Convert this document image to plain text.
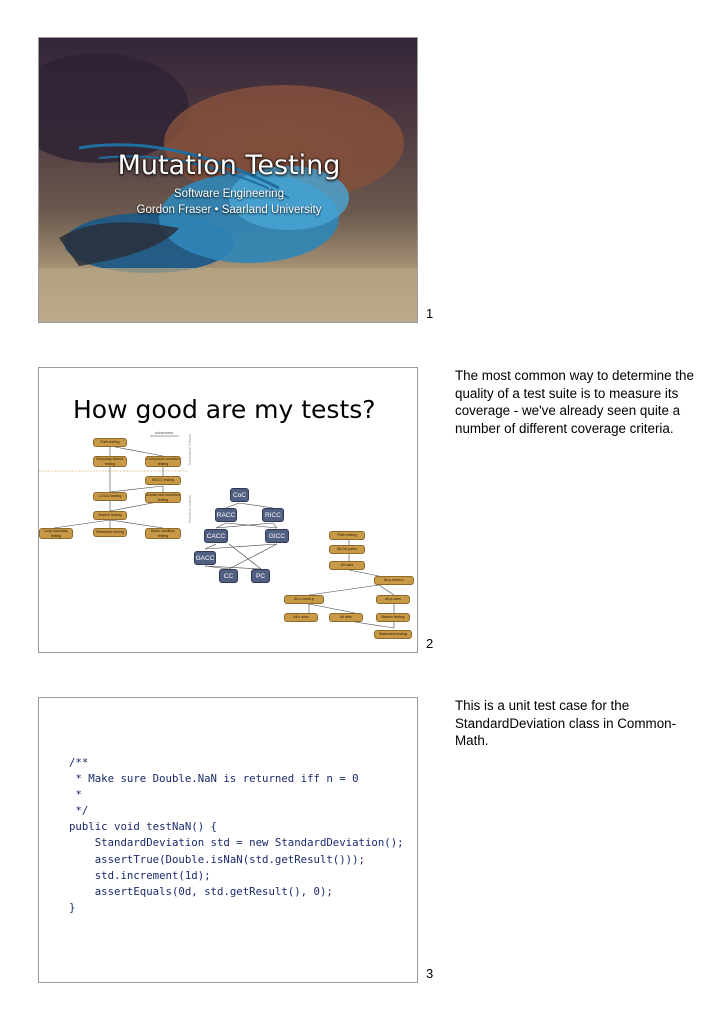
Mutation Testing
Software Engineering
Gordon Fraser • Saarland University
1
How good are my tests?
subsumes
Theoretical Criteria
Practical Criteria
Path testing
Boundary interior testing
Compound condition testing
MCDC testing
LCSAJ testing	Branch and condition testing
Branch testing
Loop boundary testing
Statement testing	Basic condition testing
CoC
RACC	RICC
CACC	GICC
GACC
CC	PC
Path testing
All-DU paths
All uses
All-p-some-c
All-c-some-p	All-p-uses
All c uses	All defs	Branch testing
Statement testing
2
The most common way to determine the quality of a test suite is to measure its coverage - we've already seen quite a number of different coverage criteria.
/**
* Make sure Double.NaN is returned iff n = 0
*
*/
public void testNaN() {
StandardDeviation std = new StandardDeviation();
assertTrue(Double.isNaN(std.getResult()));
std.increment(1d);
assertEquals(0d, std.getResult(), 0);
}
3
This is a unit test case for the StandardDeviation class in Common-Math.
